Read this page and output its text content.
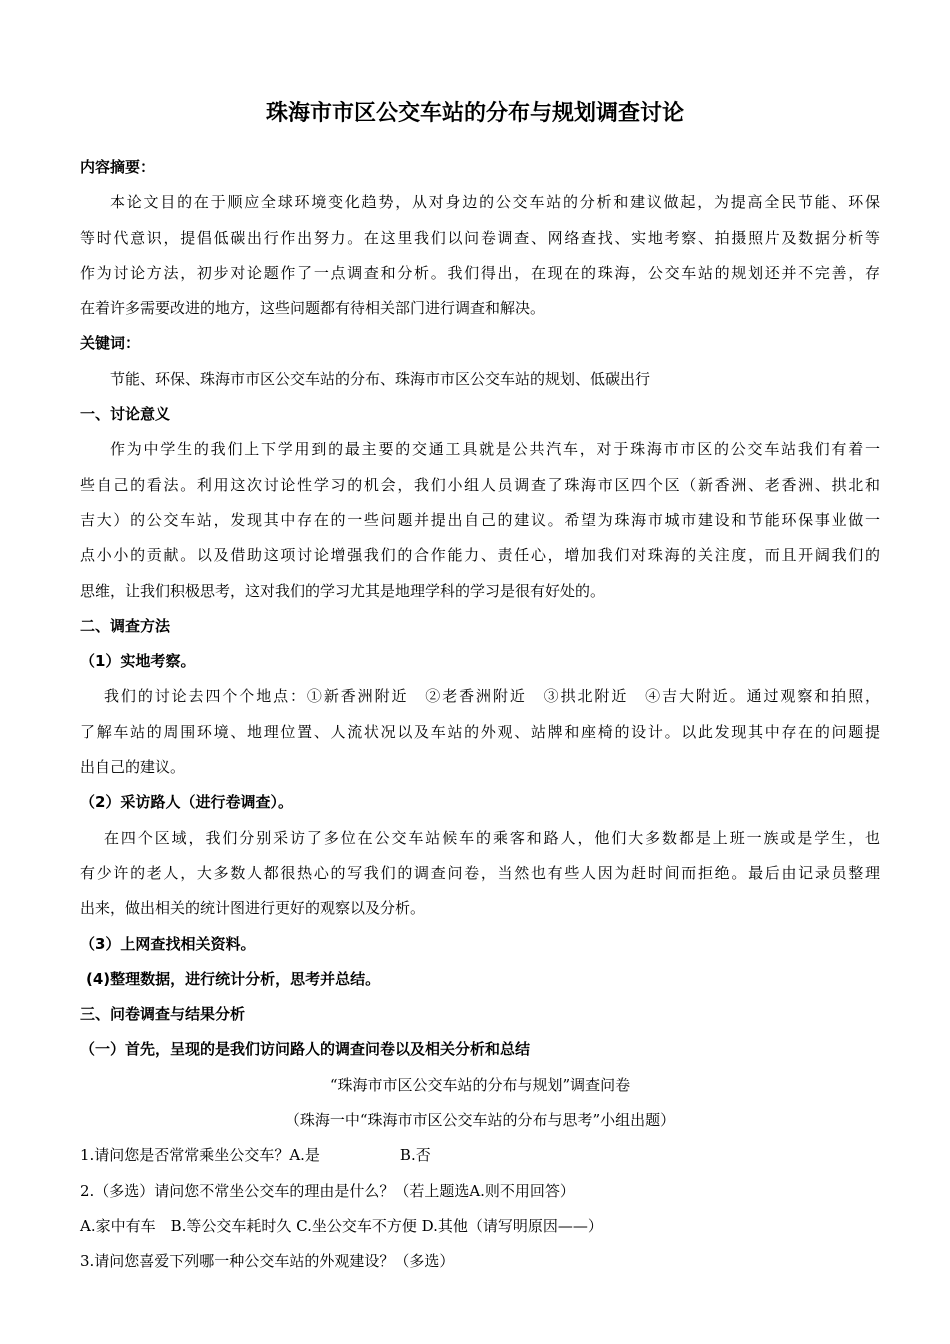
珠海市市区公交车站的分布与规划调查讨论
内容摘要：
本论文目的在于顺应全球环境变化趋势，从对身边的公交车站的分析和建议做起，为提高全民节能、环保
等时代意识，提倡低碳出行作出努力。在这里我们以问卷调查、网络查找、实地考察、拍摄照片及数据分析等
作为讨论方法，初步对论题作了一点调查和分析。我们得出，在现在的珠海，公交车站的规划还并不完善，存
在着许多需要改进的地方，这些问题都有待相关部门进行调查和解决。
关键词：
节能、环保、珠海市市区公交车站的分布、珠海市市区公交车站的规划、低碳出行
一、讨论意义
作为中学生的我们上下学用到的最主要的交通工具就是公共汽车，对于珠海市市区的公交车站我们有着一
些自己的看法。利用这次讨论性学习的机会，我们小组人员调查了珠海市区四个区（新香洲、老香洲、拱北和
吉大）的公交车站，发现其中存在的一些问题并提出自己的建议。希望为珠海市城市建设和节能环保事业做一
点小小的贡献。以及借助这项讨论增强我们的合作能力、责任心，增加我们对珠海的关注度，而且开阔我们的
思维，让我们积极思考，这对我们的学习尤其是地理学科的学习是很有好处的。
二、调查方法
（1）实地考察。
我们的讨论去四个个地点：①新香洲附近　②老香洲附近　③拱北附近　④吉大附近。通过观察和拍照，
了解车站的周围环境、地理位置、人流状况以及车站的外观、站牌和座椅的设计。以此发现其中存在的问题提
出自己的建议。
（2）采访路人（进行卷调查）。
在四个区域，我们分别采访了多位在公交车站候车的乘客和路人，他们大多数都是上班一族或是学生，也
有少许的老人，大多数人都很热心的写我们的调查问卷，当然也有些人因为赶时间而拒绝。最后由记录员整理
出来，做出相关的统计图进行更好的观察以及分析。
（3）上网查找相关资料。
(4)整理数据，进行统计分析，思考并总结。
三、问卷调查与结果分析
（一）首先，呈现的是我们访问路人的调查问卷以及相关分析和总结
“珠海市市区公交车站的分布与规划”调查问卷
（珠海一中“珠海市市区公交车站的分布与思考”小组出题）
1.请问您是否常常乘坐公交车？A.是	B.否
2.（多选）请问您不常坐公交车的理由是什么？（若上题选A.则不用回答）
A.家中有车　B.等公交车耗时久 C.坐公交车不方便 D.其他（请写明原因——）
3.请问您喜爱下列哪一种公交车站的外观建设？（多选）
